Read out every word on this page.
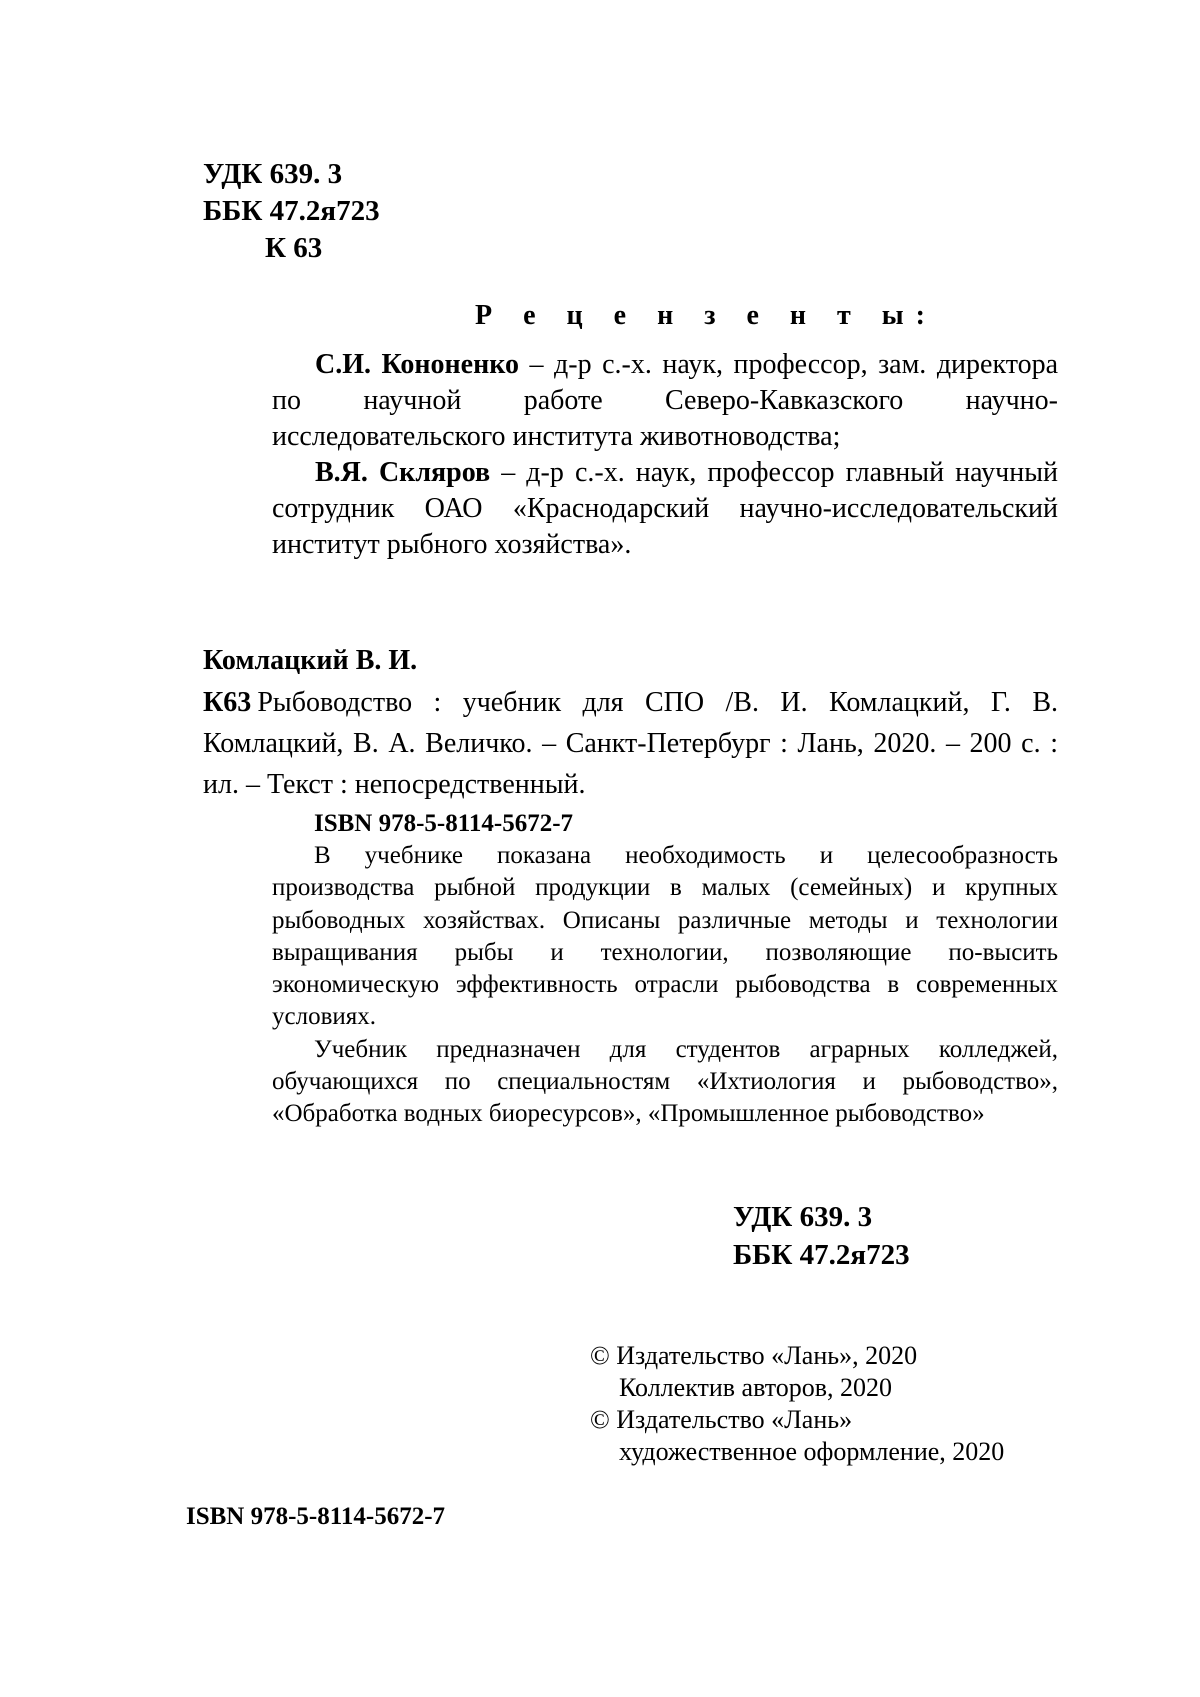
УДК 639. 3
ББК 47.2я723
К 63
Р е ц е н з е н т ы:

С.И. Кононенко – д-р с.-х. наук, профессор, зам. директора по научной работе Северо-Кавказского научно- исследовательского института животноводства;

В.Я. Скляров – д-р с.-х. наук, профессор главный научный сотрудник ОАО «Краснодарский научно-исследовательский институт рыбного хозяйства».

Комлацкий В. И.

К63 Рыбоводство : учебник для СПО /В. И. Комлацкий, Г. В. Комлацкий, В. А. Величко. – Санкт-Петербург : Лань, 2020. – 200 с. : ил. – Текст : непосредственный.

ISBN 978-5-8114-5672-7

В учебнике показана необходимость и целесообразность производства рыбной продукции в малых (семейных) и крупных рыбоводных хозяйствах. Описаны различные методы и технологии выращивания рыбы и технологии, позволяющие по-высить экономическую эффективность отрасли рыбоводства в современных условиях.

Учебник предназначен для студентов аграрных колледжей, обучающихся по специальностям «Ихтиология и рыбоводство», «Обработка водных биоресурсов», «Промышленное рыбоводство»

УДК 639. 3
ББК 47.2я723
© Издательство «Лань», 2020
Коллектив авторов, 2020
© Издательство «Лань»
художественное оформление, 2020
ISBN 978-5-8114-5672-7
